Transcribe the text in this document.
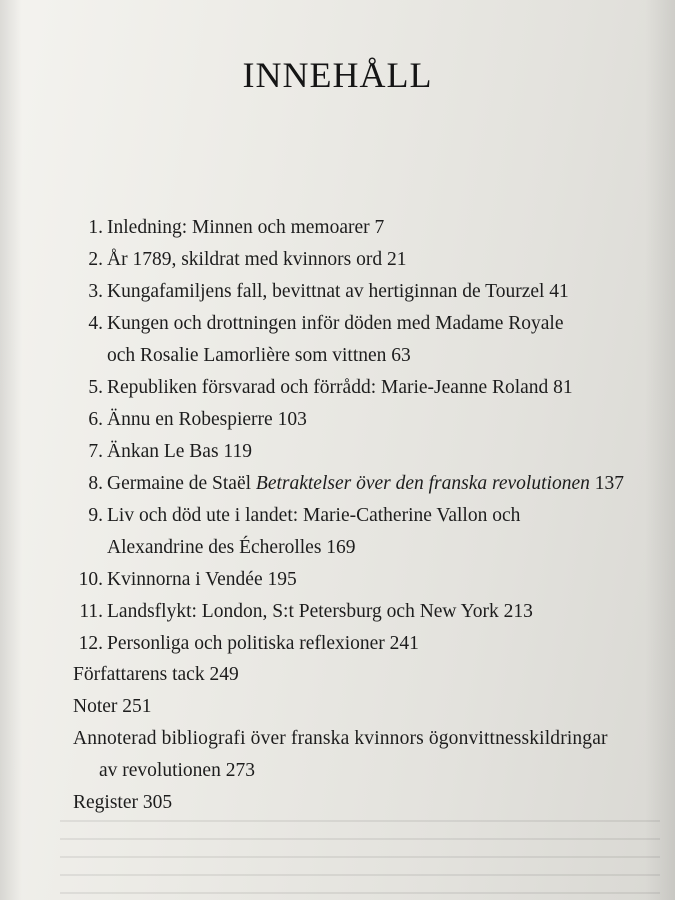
INNEHÅLL
1. Inledning: Minnen och memoarer 7
2. År 1789, skildrat med kvinnors ord 21
3. Kungafamiljens fall, bevittnat av hertiginnan de Tourzel 41
4. Kungen och drottningen inför döden med Madame Royale
och Rosalie Lamorlière som vittnen 63
5. Republiken försvarad och förrådd: Marie-Jeanne Roland 81
6. Ännu en Robespierre 103
7. Änkan Le Bas 119
8. Germaine de Staël Betraktelser över den franska revolutionen 137
9. Liv och död ute i landet: Marie-Catherine Vallon och
Alexandrine des Écherolles 169
10. Kvinnorna i Vendée 195
11. Landsflykt: London, S:t Petersburg och New York 213
12. Personliga och politiska reflexioner 241
Författarens tack 249
Noter 251
Annoterad bibliografi över franska kvinnors ögonvittnesskildringar
av revolutionen 273
Register 305
